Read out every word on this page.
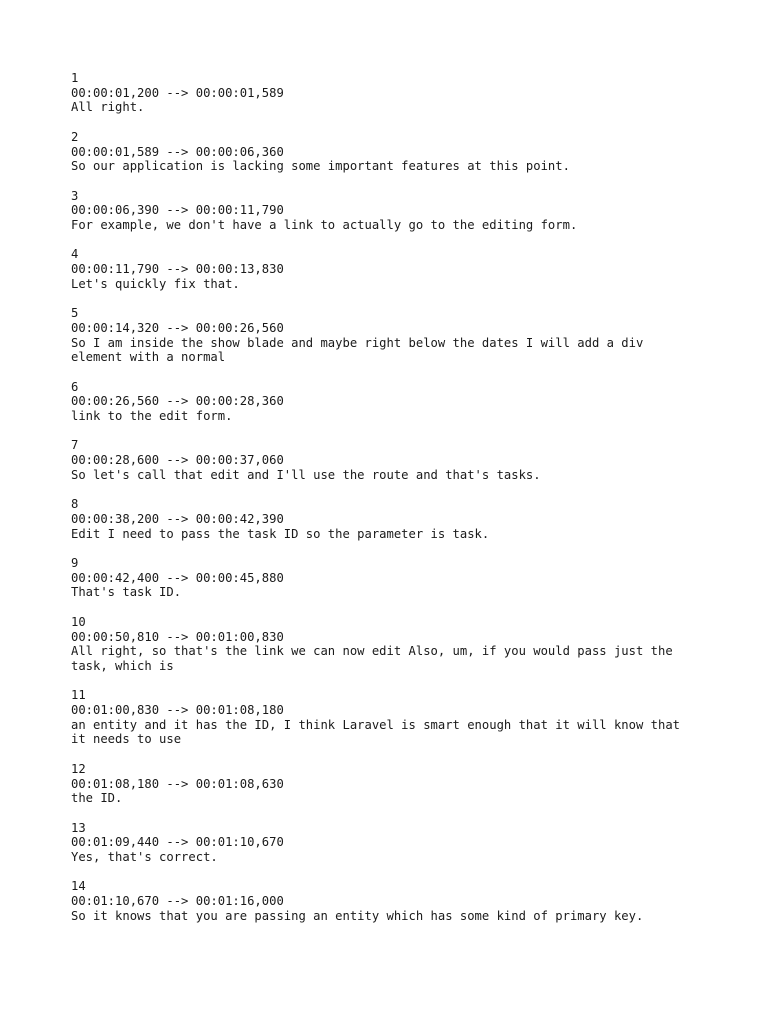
1
00:00:01,200 --> 00:00:01,589
All right.
2
00:00:01,589 --> 00:00:06,360
So our application is lacking some important features at this point.
3
00:00:06,390 --> 00:00:11,790
For example, we don't have a link to actually go to the editing form.
4
00:00:11,790 --> 00:00:13,830
Let's quickly fix that.
5
00:00:14,320 --> 00:00:26,560
So I am inside the show blade and maybe right below the dates I will add a div
element with a normal
6
00:00:26,560 --> 00:00:28,360
link to the edit form.
7
00:00:28,600 --> 00:00:37,060
So let's call that edit and I'll use the route and that's tasks.
8
00:00:38,200 --> 00:00:42,390
Edit I need to pass the task ID so the parameter is task.
9
00:00:42,400 --> 00:00:45,880
That's task ID.
10
00:00:50,810 --> 00:01:00,830
All right, so that's the link we can now edit Also, um, if you would pass just the
task, which is
11
00:01:00,830 --> 00:01:08,180
an entity and it has the ID, I think Laravel is smart enough that it will know that
it needs to use
12
00:01:08,180 --> 00:01:08,630
the ID.
13
00:01:09,440 --> 00:01:10,670
Yes, that's correct.
14
00:01:10,670 --> 00:01:16,000
So it knows that you are passing an entity which has some kind of primary key.
